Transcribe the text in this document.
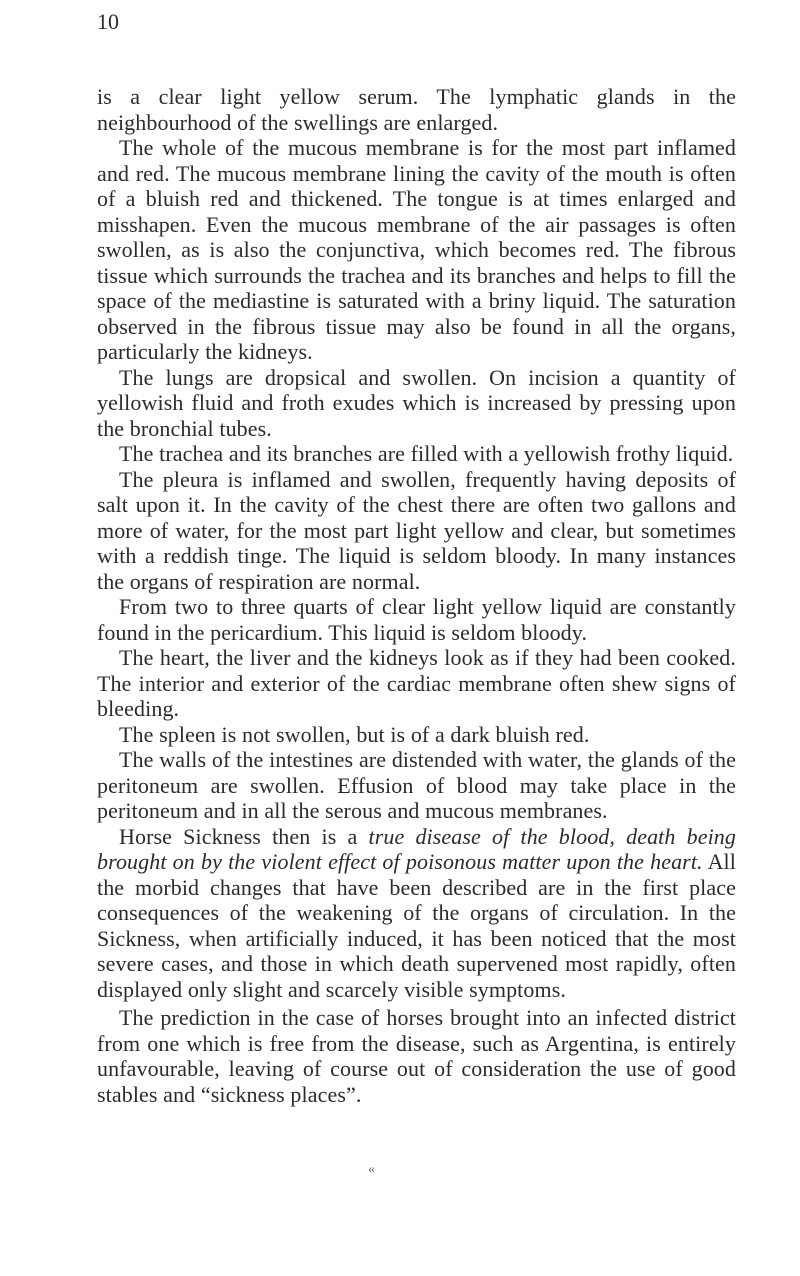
10

is a clear light yellow serum. The lymphatic glands in the neighbourhood of the swellings are enlarged.

The whole of the mucous membrane is for the most part inflamed and red. The mucous membrane lining the cavity of the mouth is often of a bluish red and thickened. The tongue is at times enlarged and misshapen. Even the mucous membrane of the air passages is often swollen, as is also the conjunctiva, which becomes red. The fibrous tissue which surrounds the trachea and its branches and helps to fill the space of the mediastine is saturated with a briny liquid. The saturation observed in the fibrous tissue may also be found in all the organs, particularly the kidneys.

The lungs are dropsical and swollen. On incision a quantity of yellowish fluid and froth exudes which is increased by pressing upon the bronchial tubes.

The trachea and its branches are filled with a yellowish frothy liquid.

The pleura is inflamed and swollen, frequently having deposits of salt upon it. In the cavity of the chest there are often two gallons and more of water, for the most part light yellow and clear, but sometimes with a reddish tinge. The liquid is seldom bloody. In many instances the organs of respiration are normal.

From two to three quarts of clear light yellow liquid are constantly found in the pericardium. This liquid is seldom bloody.

The heart, the liver and the kidneys look as if they had been cooked. The interior and exterior of the cardiac membrane often shew signs of bleeding.

The spleen is not swollen, but is of a dark bluish red.

The walls of the intestines are distended with water, the glands of the peritoneum are swollen. Effusion of blood may take place in the peritoneum and in all the serous and mucous membranes.

Horse Sickness then is a true disease of the blood, death being brought on by the violent effect of poisonous matter upon the heart. All the morbid changes that have been described are in the first place consequences of the weakening of the organs of circulation. In the Sickness, when artificially induced, it has been noticed that the most severe cases, and those in which death supervened most rapidly, often displayed only slight and scarcely visible symptoms.

The prediction in the case of horses brought into an infected district from one which is free from the disease, such as Argentina, is entirely unfavourable, leaving of course out of consideration the use of good stables and “sickness places”.

«
